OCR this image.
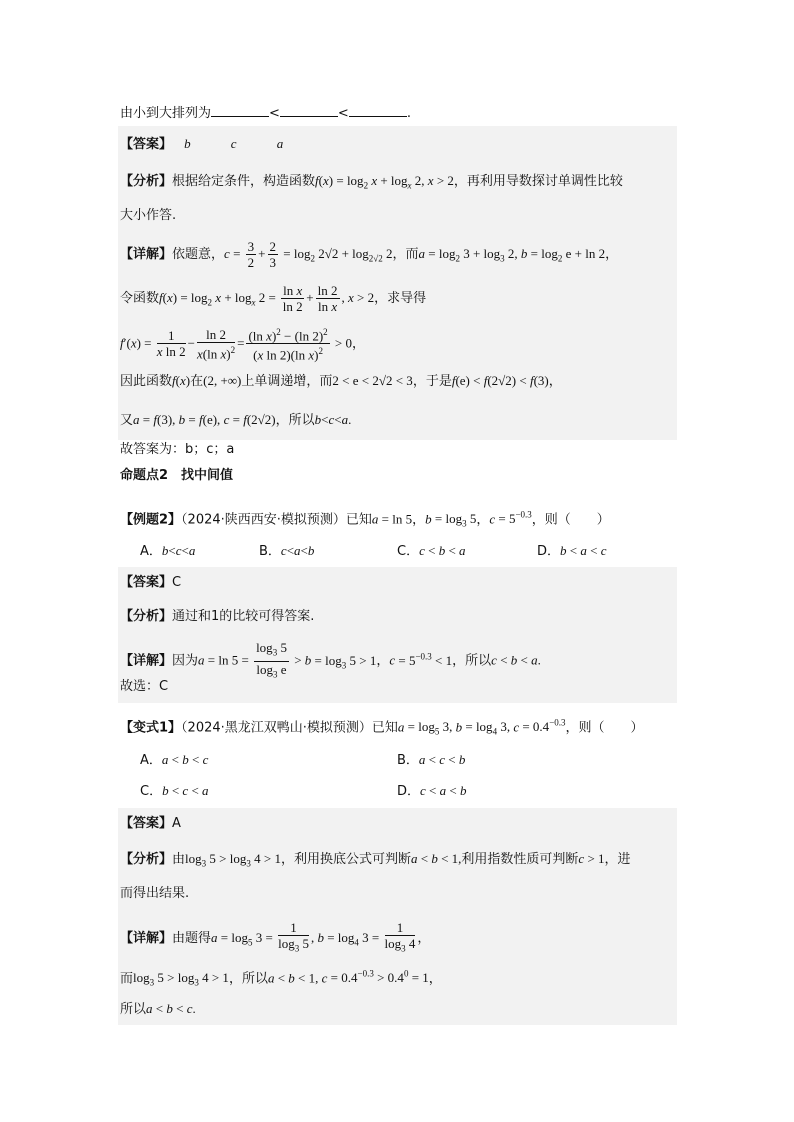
由小到大排列为	<	<	.
【答案】 b	c	a
【分析】根据给定条件，构造函数$f(x) = \log_2 x + \log_x 2$, x > 2，再利用导数探讨单调性比较
大小作答.
【详解】依题意，$c = \frac{3}{2} + \frac{2}{3} = \log_2 2√2 + \log_{2√2} 2$，而$a = \log_2 3 + \log_3 2$, $b = \log_2 e + \ln 2$，
令函数$f(x) = \log_2 x + \log_x 2 = \frac{\text{ln x}}{\ln 2} + \frac{\ln 2}{\text{ln x}}$ , x > 2，求导得
$f'(x) = \frac{1}{\text{x ln 2}} - \frac{\ln 2}{x(\ln x)^2} = \frac{(\ln x)^2 - (\ln 2)^2}{(x \ln 2)(\ln x)^2} > 0$，
因此函数f(x)在(2, +∞)上单调递增，而2 < e < 2√2 < 3，于是f(e) < f(2√2) < f(3)，
又a = f(3), b = f(e), c = f(2√2)，所以b<c<a.
故答案为：b；c；a
命题点2　找中间值
【例题2】（2024·陕西西安·模拟预测）已知a = ln 5，$b = \log_3 5$，$c = 5^{-0.3}$，则（　　）
A．b<c<a	B．c<a<b	C．c < b < a	D．b < a < c
【答案】C
【分析】通过和1的比较可得答案.
【详解】因为$a = \ln 5 = \frac{\log_3 5}{\log_3 e} > b = \log_3 5 > 1$，$c = 5^{-0.3} < 1$，所以c < b < a.
故选：C
【变式1】（2024·黑龙江双鸭山·模拟预测）已知$a = \log_5 3$, $b = \log_4 3$, $c = 0.4^{-0.3}$，则（　　）
A．a < b < c	B．a < c < b
C．b < c < a	D．c < a < b
【答案】A
【分析】由$\log_3 5 > \log_3 4 > 1$，利用换底公式可判断a < b < 1,利用指数性质可判断c > 1，进
而得出结果.
【详解】由题得$a = \log_5 3 = \frac{1}{\log_3 5}$ , $b = \log_4 3 = \frac{1}{\log_3 4}$ ，
而$\log_3 5 > \log_3 4 > 1$，所以a < b < 1, $c = 0.4^{-0.3} > 0.4^0 = 1$，
所以a < b < c.
